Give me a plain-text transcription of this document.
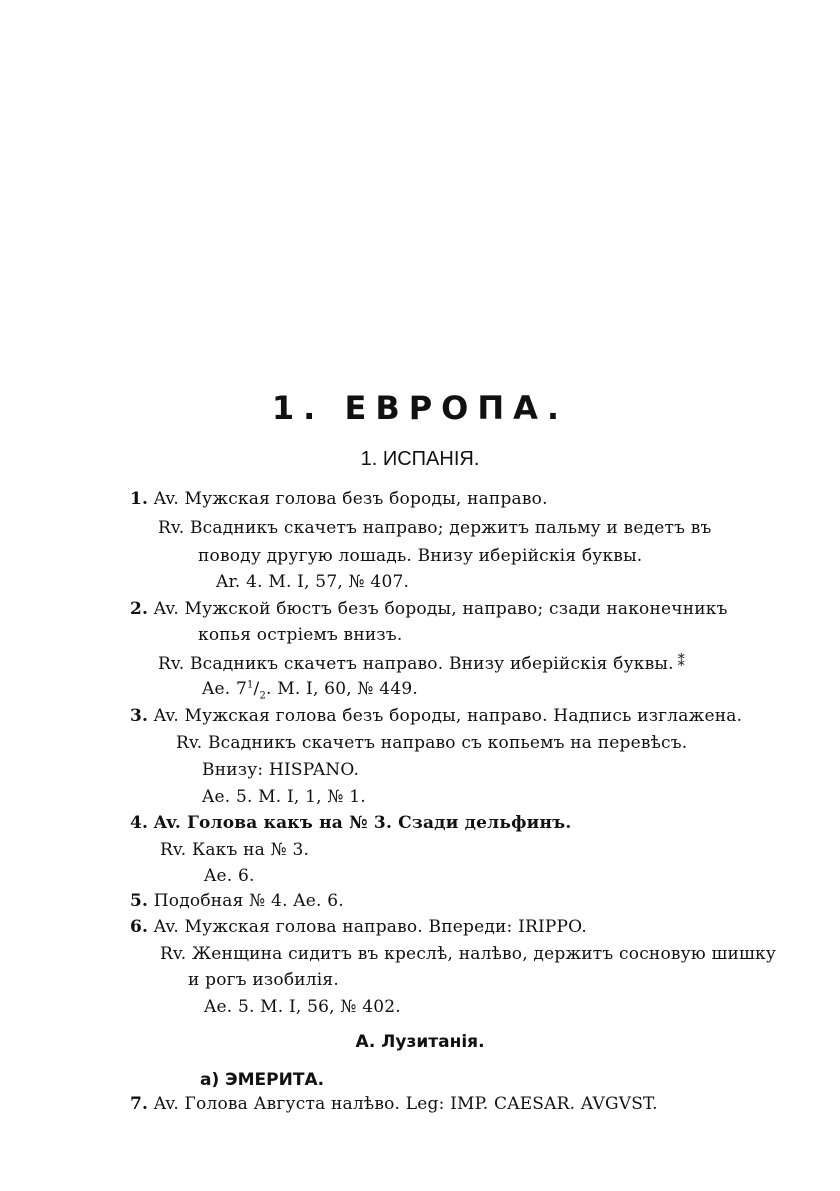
1. ЕВРОПА.
1. ИСПАНІЯ.
1. Av. Мужская голова безъ бороды, направо.
Rv. Всадникъ скачетъ направо; держитъ пальму и ведетъ въ
поводу другую лошадь. Внизу иберійскія буквы.
Ar. 4. M. I, 57, № 407.
2. Av. Мужской бюстъ безъ бороды, направо; сзади наконечникъ
копья остріемъ внизъ.
Rv. Всадникъ скачетъ направо. Внизу иберійскія буквы. ⁑
Ae. $7^1/_2$. M. I, 60, № 449.
3. Av. Мужская голова безъ бороды, направо. Надпись изглажена.
Rv. Всадникъ скачетъ направо съ копьемъ на перевѣсъ.
Внизу: HISPANO.
Ae. 5. M. I, 1, № 1.
4. Av. Голова какъ на № 3. Сзади дельфинъ.
Rv. Какъ на № 3.
Ae. 6.
5. Подобная № 4. Ae. 6.
6. Av. Мужская голова направо. Впереди: IRIPPO.
Rv. Женщина сидитъ въ креслѣ, налѣво, держитъ сосновую шишку
и рогъ изобилія.
Ae. 5. M. I, 56, № 402.
A. Лузитанія.
a) ЭМЕРИТА.
7. Av. Голова Августа налѣво. Leg: IMP. CAESAR. AVGVST.
